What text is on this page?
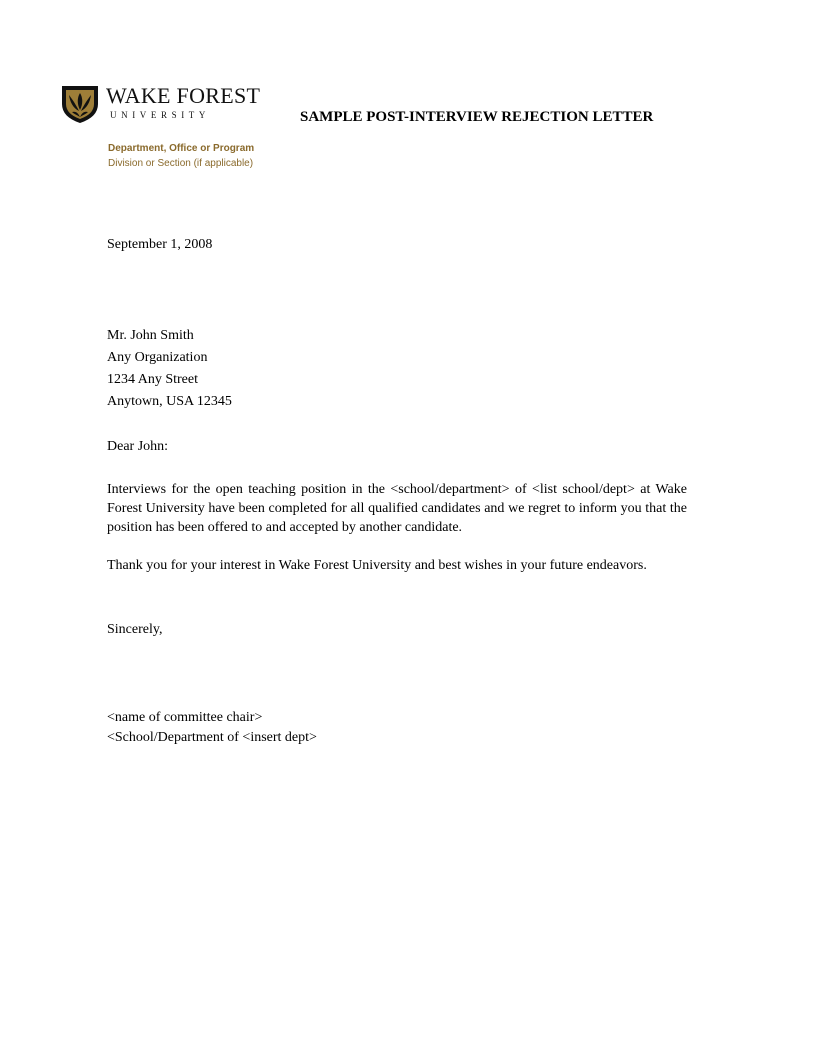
WAKE FOREST
UNIVERSITY	SAMPLE POST-INTERVIEW REJECTION LETTER
Department, Office or Program
Division or Section (if applicable)
September 1, 2008
Mr. John Smith
Any Organization
1234 Any Street
Anytown, USA 12345
Dear John:
Interviews for the open teaching position in the <school/department> of <list school/dept> at Wake Forest University have been completed for all qualified candidates and we regret to inform you that the position has been offered to and accepted by another candidate.
Thank you for your interest in Wake Forest University and best wishes in your future endeavors.
Sincerely,
<name of committee chair>
<School/Department of <insert dept>
